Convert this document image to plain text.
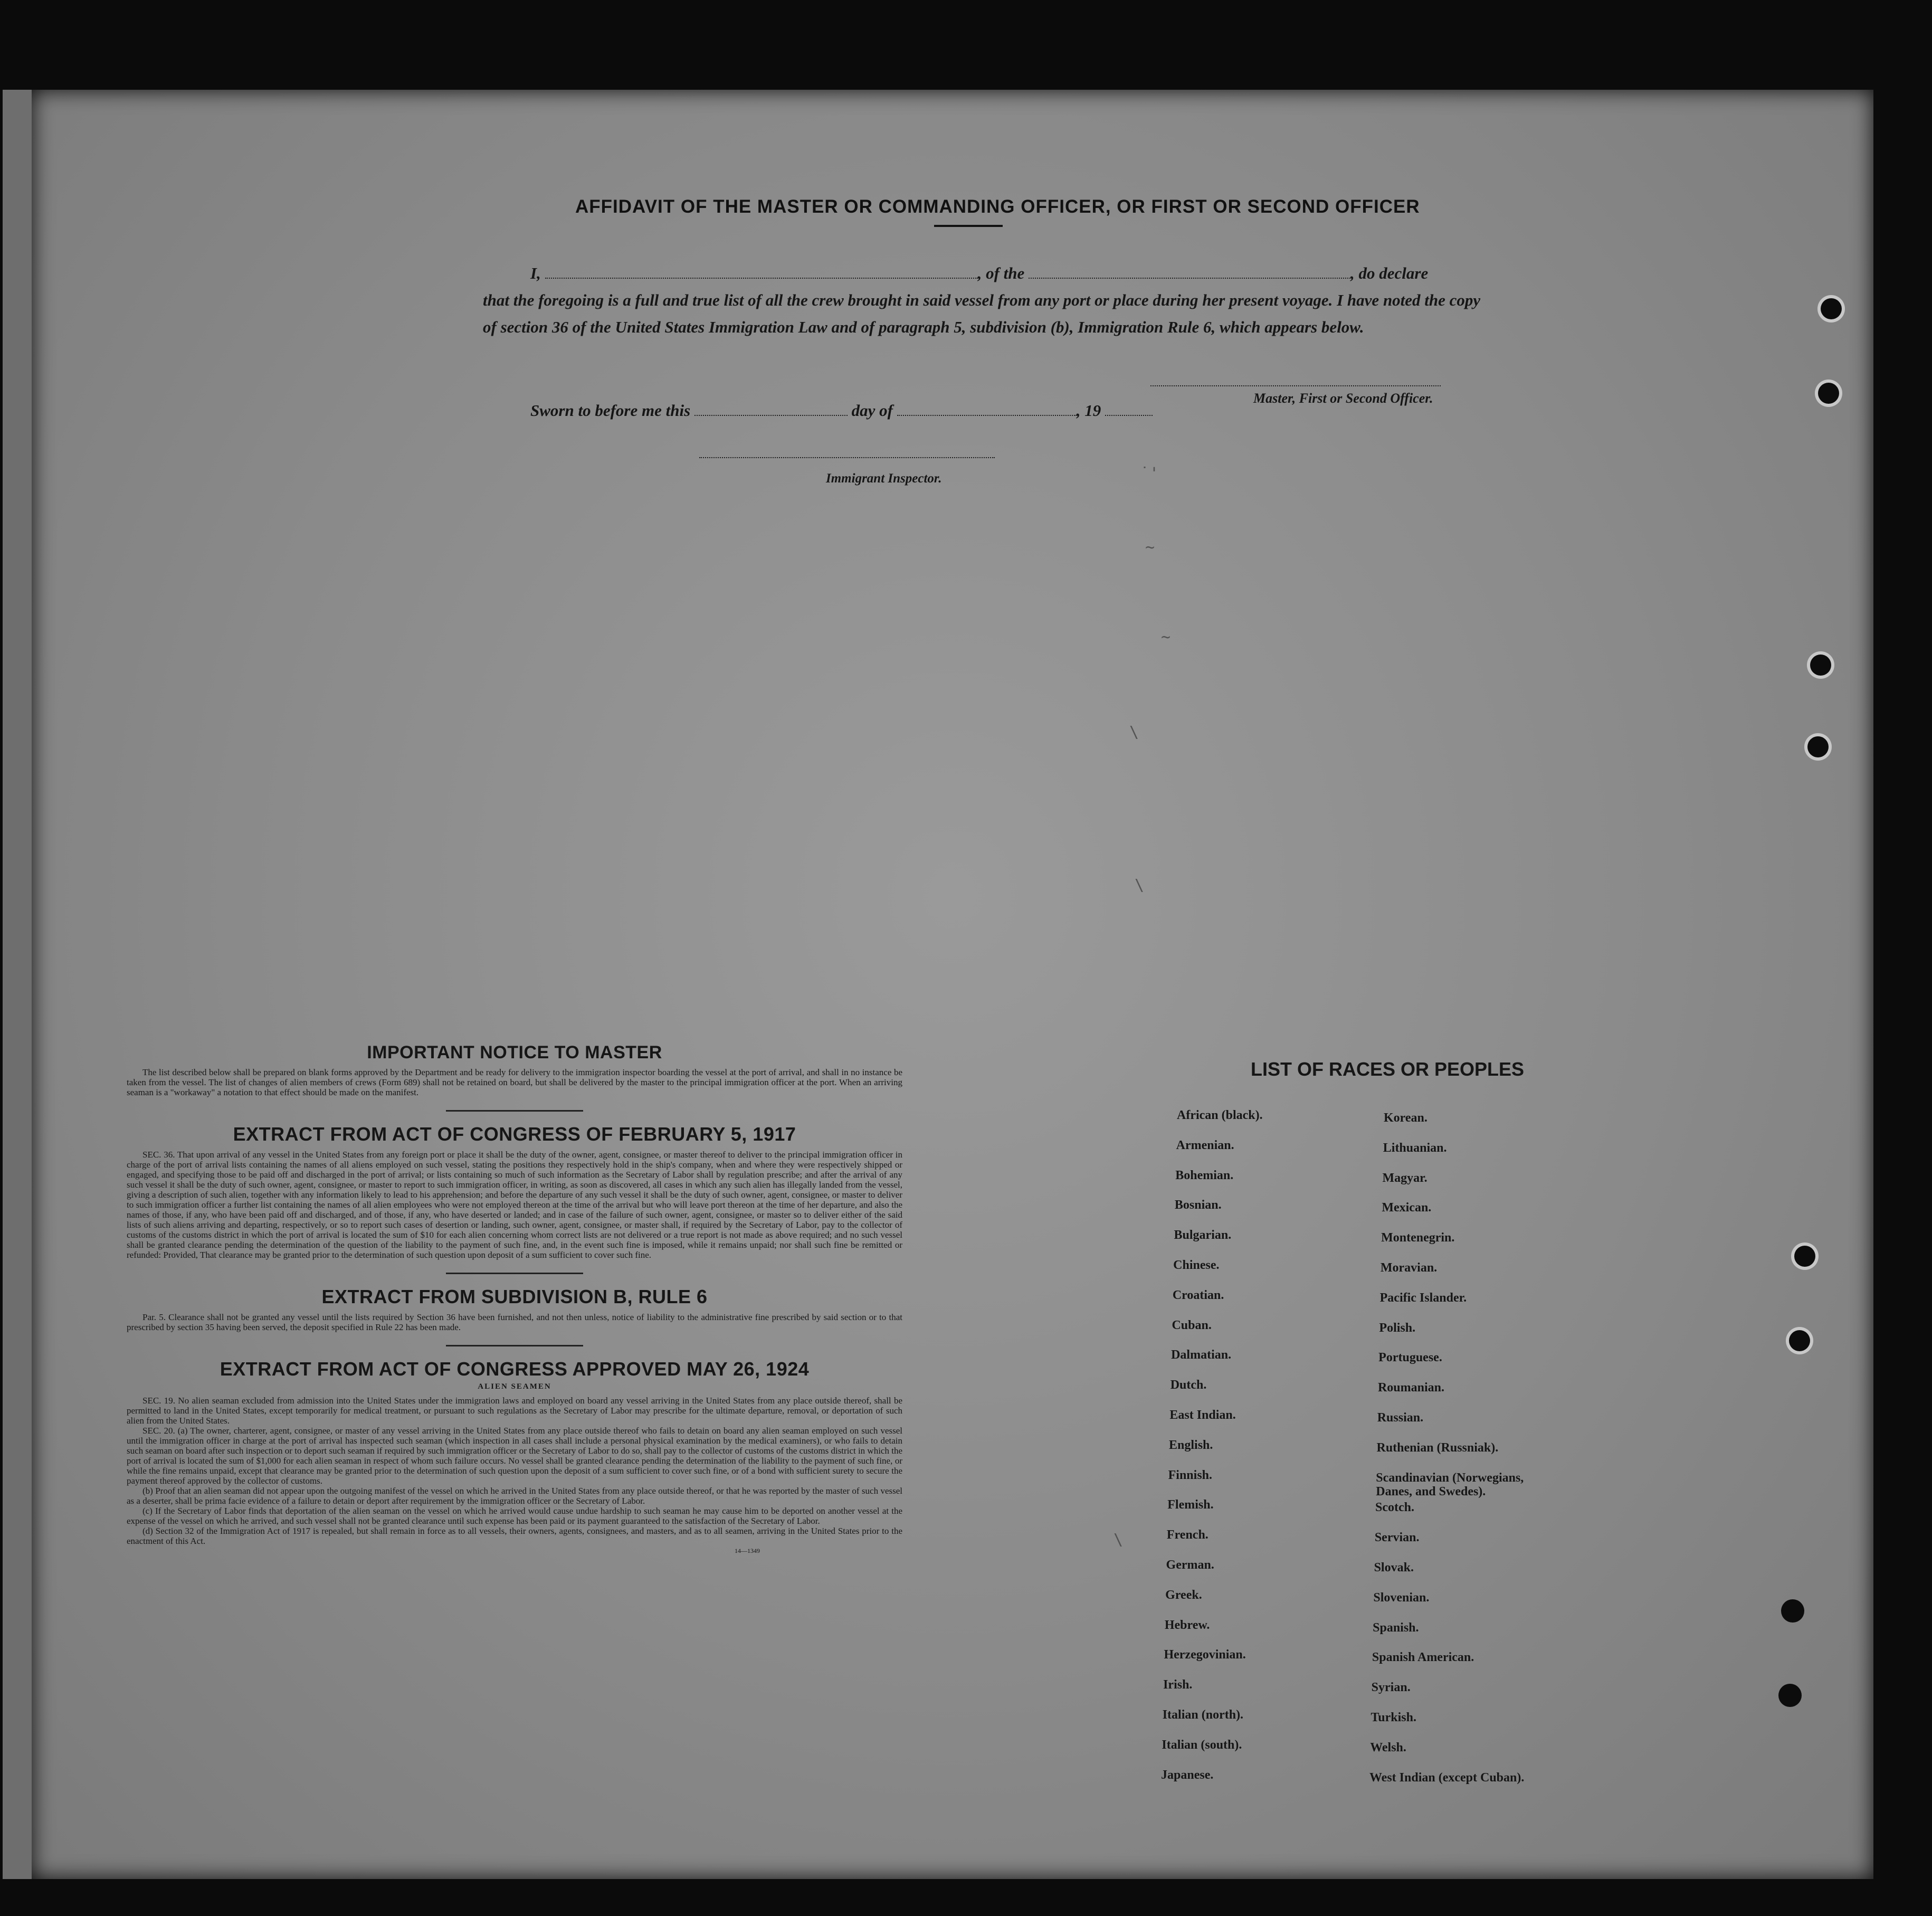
˙'
~
~
\
\
\
AFFIDAVIT OF THE MASTER OR COMMANDING OFFICER, OR FIRST OR SECOND OFFICER
I,	, of the	, do declare
that the foregoing is a full and true list of all the crew brought in said vessel from any port or place during her present voyage. I have noted the copy of section 36 of the United States Immigration Law and of paragraph 5, subdivision (b), Immigration Rule 6, which appears below.
Master, First or Second Officer.
Sworn to before me this	day of	, 19
Immigrant Inspector.
IMPORTANT NOTICE TO MASTER

The list described below shall be prepared on blank forms approved by the Department and be ready for delivery to the immigration inspector boarding the vessel at the port of arrival, and shall in no instance be taken from the vessel. The list of changes of alien members of crews (Form 689) shall not be retained on board, but shall be delivered by the master to the principal immigration officer at the port. When an arriving seaman is a "workaway" a notation to that effect should be made on the manifest.

EXTRACT FROM ACT OF CONGRESS OF FEBRUARY 5, 1917

SEC. 36. That upon arrival of any vessel in the United States from any foreign port or place it shall be the duty of the owner, agent, consignee, or master thereof to deliver to the principal immigration officer in charge of the port of arrival lists containing the names of all aliens employed on such vessel, stating the positions they respectively hold in the ship's company, when and where they were respectively shipped or engaged, and specifying those to be paid off and discharged in the port of arrival; or lists containing so much of such information as the Secretary of Labor shall by regulation prescribe; and after the arrival of any such vessel it shall be the duty of such owner, agent, consignee, or master to report to such immigration officer, in writing, as soon as discovered, all cases in which any such alien has illegally landed from the vessel, giving a description of such alien, together with any information likely to lead to his apprehension; and before the departure of any such vessel it shall be the duty of such owner, agent, consignee, or master to deliver to such immigration officer a further list containing the names of all alien employees who were not employed thereon at the time of the arrival but who will leave port thereon at the time of her departure, and also the names of those, if any, who have been paid off and discharged, and of those, if any, who have deserted or landed; and in case of the failure of such owner, agent, consignee, or master so to deliver either of the said lists of such aliens arriving and departing, respectively, or so to report such cases of desertion or landing, such owner, agent, consignee, or master shall, if required by the Secretary of Labor, pay to the collector of customs of the customs district in which the port of arrival is located the sum of $10 for each alien concerning whom correct lists are not delivered or a true report is not made as above required; and no such vessel shall be granted clearance pending the determination of the question of the liability to the payment of such fine, and, in the event such fine is imposed, while it remains unpaid; nor shall such fine be remitted or refunded: Provided, That clearance may be granted prior to the determination of such question upon deposit of a sum sufficient to cover such fine.

EXTRACT FROM SUBDIVISION B, RULE 6

Par. 5. Clearance shall not be granted any vessel until the lists required by Section 36 have been furnished, and not then unless, notice of liability to the administrative fine prescribed by said section or to that prescribed by section 35 having been served, the deposit specified in Rule 22 has been made.

EXTRACT FROM ACT OF CONGRESS APPROVED MAY 26, 1924
ALIEN SEAMEN

SEC. 19. No alien seaman excluded from admission into the United States under the immigration laws and employed on board any vessel arriving in the United States from any place outside thereof, shall be permitted to land in the United States, except temporarily for medical treatment, or pursuant to such regulations as the Secretary of Labor may prescribe for the ultimate departure, removal, or deportation of such alien from the United States.

SEC. 20. (a) The owner, charterer, agent, consignee, or master of any vessel arriving in the United States from any place outside thereof who fails to detain on board any alien seaman employed on such vessel until the immigration officer in charge at the port of arrival has inspected such seaman (which inspection in all cases shall include a personal physical examination by the medical examiners), or who fails to detain such seaman on board after such inspection or to deport such seaman if required by such immigration officer or the Secretary of Labor to do so, shall pay to the collector of customs of the customs district in which the port of arrival is located the sum of $1,000 for each alien seaman in respect of whom such failure occurs. No vessel shall be granted clearance pending the determination of the liability to the payment of such fine, or while the fine remains unpaid, except that clearance may be granted prior to the determination of such question upon the deposit of a sum sufficient to cover such fine, or of a bond with sufficient surety to secure the payment thereof approved by the collector of customs.

(b) Proof that an alien seaman did not appear upon the outgoing manifest of the vessel on which he arrived in the United States from any place outside thereof, or that he was reported by the master of such vessel as a deserter, shall be prima facie evidence of a failure to detain or deport after requirement by the immigration officer or the Secretary of Labor.

(c) If the Secretary of Labor finds that deportation of the alien seaman on the vessel on which he arrived would cause undue hardship to such seaman he may cause him to be deported on another vessel at the expense of the vessel on which he arrived, and such vessel shall not be granted clearance until such expense has been paid or its payment guaranteed to the satisfaction of the Secretary of Labor.

(d) Section 32 of the Immigration Act of 1917 is repealed, but shall remain in force as to all vessels, their owners, agents, consignees, and masters, and as to all seamen, arriving in the United States prior to the enactment of this Act.

14—1349
LIST OF RACES OR PEOPLES
African (black).
Armenian.
Bohemian.
Bosnian.
Bulgarian.
Chinese.
Croatian.
Cuban.
Dalmatian.
Dutch.
East Indian.
English.
Finnish.
Flemish.
French.
German.
Greek.
Hebrew.
Herzegovinian.
Irish.
Italian (north).
Italian (south).
Japanese.
Korean.
Lithuanian.
Magyar.
Mexican.
Montenegrin.
Moravian.
Pacific Islander.
Polish.
Portuguese.
Roumanian.
Russian.
Ruthenian (Russniak).
Scandinavian (Norwegians,
Danes, and Swedes).
Scotch.
Servian.
Slovak.
Slovenian.
Spanish.
Spanish American.
Syrian.
Turkish.
Welsh.
West Indian (except Cuban).
